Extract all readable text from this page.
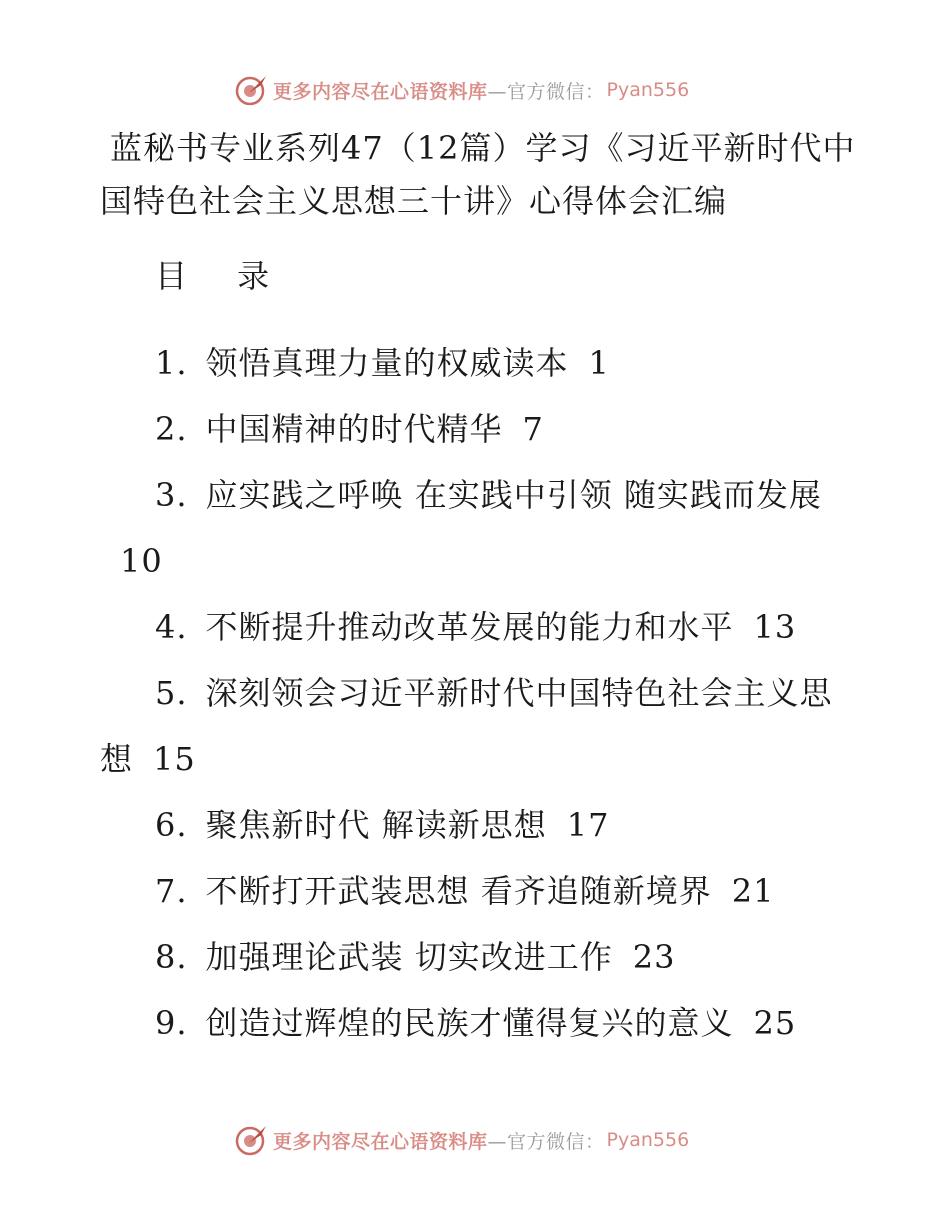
更多内容尽在心语资料库 —官方微信： Pyan556
蓝秘书专业系列47（12篇）学习《习近平新时代中国特色社会主义思想三十讲》心得体会汇编
目 录
1. 领悟真理力量的权威读本 1
2. 中国精神的时代精华 7
3. 应实践之呼唤 在实践中引领 随实践而发展10
4. 不断提升推动改革发展的能力和水平 13
5. 深刻领会习近平新时代中国特色社会主义思想 15
6. 聚焦新时代 解读新思想 17
7. 不断打开武装思想 看齐追随新境界 21
8. 加强理论武装 切实改进工作 23
9. 创造过辉煌的民族才懂得复兴的意义 25
更多内容尽在心语资料库 —官方微信： Pyan556
